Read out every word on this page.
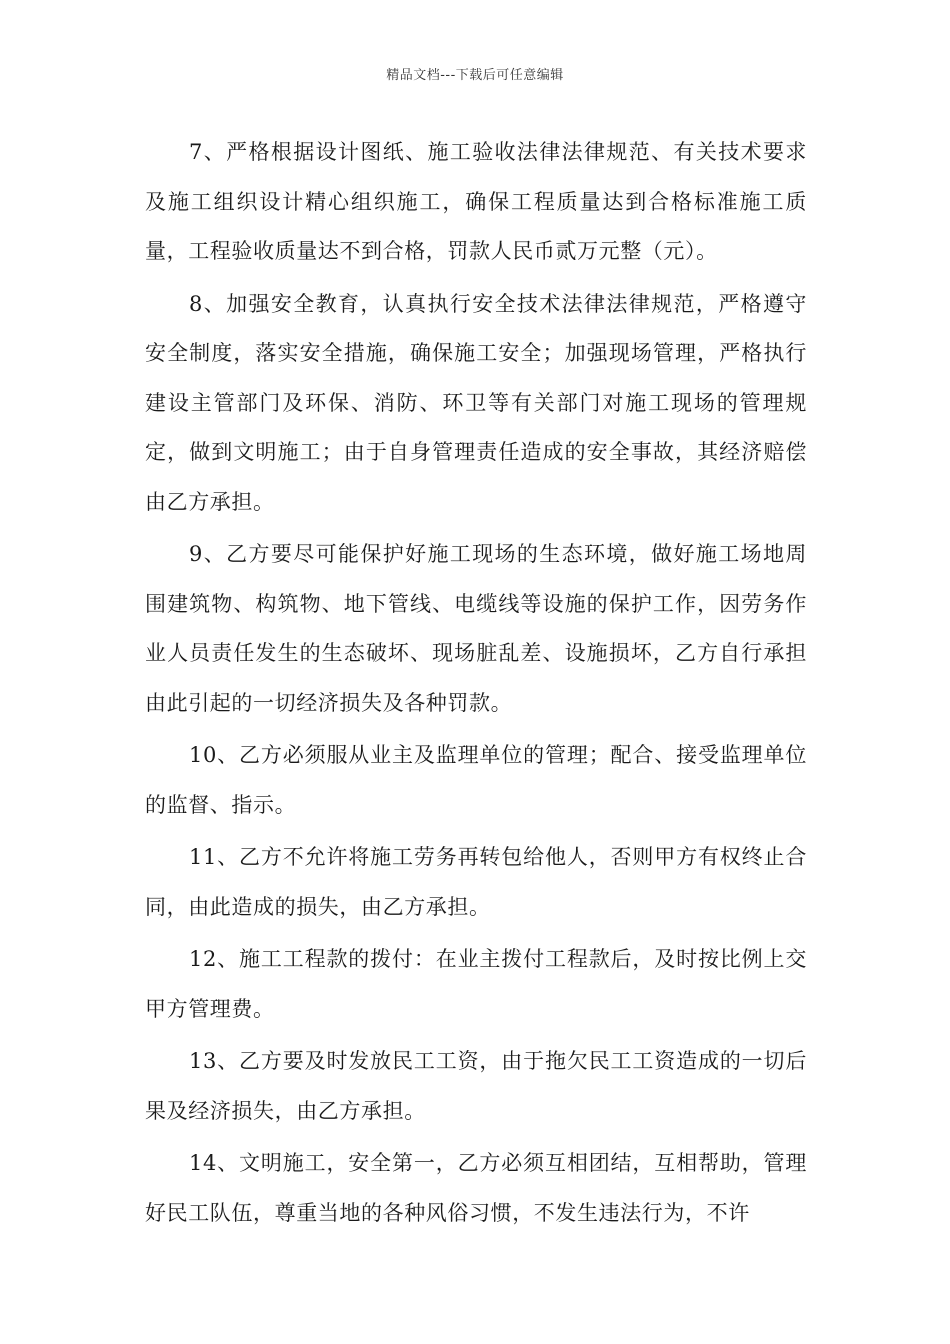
精品文档---下载后可任意编辑

7、严格根据设计图纸、施工验收法律法律规范、有关技术要求及施工组织设计精心组织施工，确保工程质量达到合格标准施工质量，工程验收质量达不到合格，罚款人民币贰万元整（元）。

8、加强安全教育，认真执行安全技术法律法律规范，严格遵守安全制度，落实安全措施，确保施工安全；加强现场管理，严格执行建设主管部门及环保、消防、环卫等有关部门对施工现场的管理规定，做到文明施工；由于自身管理责任造成的安全事故，其经济赔偿由乙方承担。

9、乙方要尽可能保护好施工现场的生态环境，做好施工场地周围建筑物、构筑物、地下管线、电缆线等设施的保护工作，因劳务作业人员责任发生的生态破坏、现场脏乱差、设施损坏，乙方自行承担由此引起的一切经济损失及各种罚款。

10、乙方必须服从业主及监理单位的管理；配合、接受监理单位的监督、指示。

11、乙方不允许将施工劳务再转包给他人，否则甲方有权终止合同，由此造成的损失，由乙方承担。

12、施工工程款的拨付：在业主拨付工程款后，及时按比例上交甲方管理费。

13、乙方要及时发放民工工资，由于拖欠民工工资造成的一切后果及经济损失，由乙方承担。

14、文明施工，安全第一，乙方必须互相团结，互相帮助，管理好民工队伍，尊重当地的各种风俗习惯，不发生违法行为，不许
